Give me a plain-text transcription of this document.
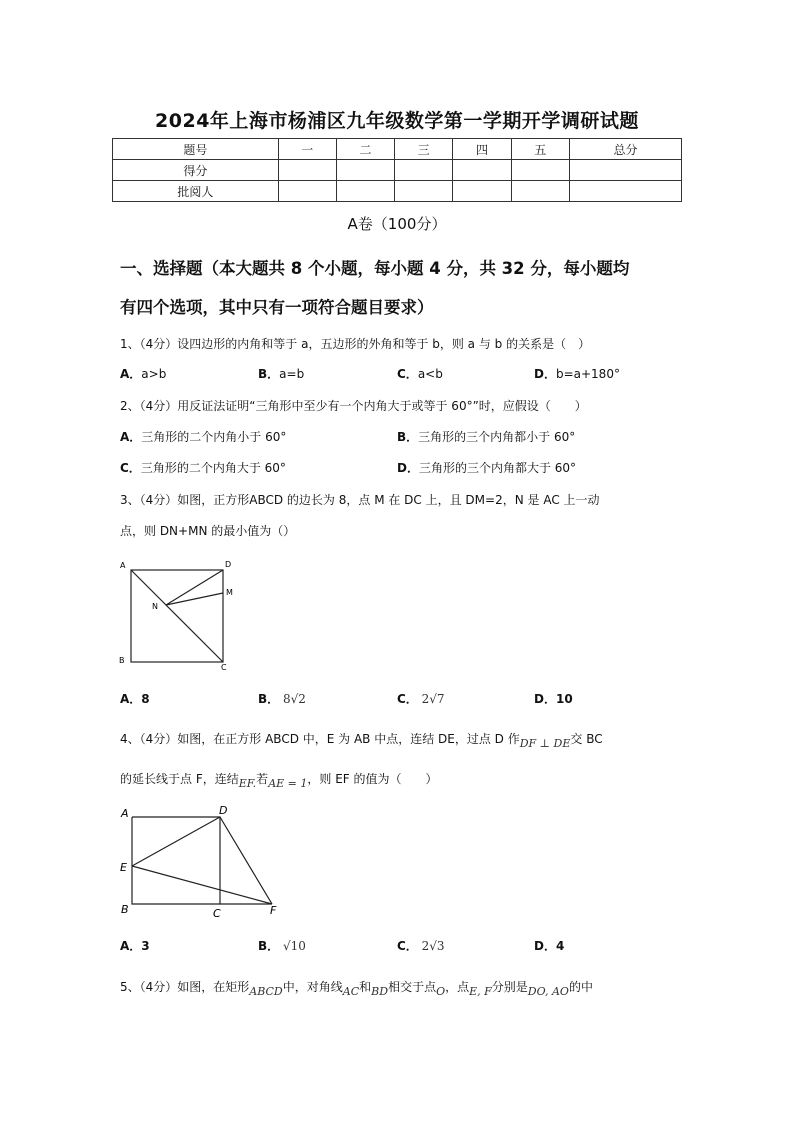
2024年上海市杨浦区九年级数学第一学期开学调研试题
题号	一	二	三	四	五	总分
得分						
批阅人						
A卷（100分）
一、选择题（本大题共 8 个小题，每小题 4 分，共 32 分，每小题均
有四个选项，其中只有一项符合题目要求）
1、（4分）设四边形的内角和等于 a，五边形的外角和等于 b，则 a 与 b 的关系是（　）
A．a>b	B．a=b	C．a<b	D．b=a+180°
2、（4分）用反证法证明“三角形中至少有一个内角大于或等于 60°”时，应假设（　　）
A．三角形的二个内角小于 60°	B．三角形的三个内角都小于 60°
C．三角形的二个内角大于 60°	D．三角形的三个内角都大于 60°
3、（4分）如图，正方形ABCD 的边长为 8，点 M 在 DC 上，且 DM=2，N 是 AC 上一动
点，则 DN+MN 的最小值为（）
A	D
M
N
B
C
A．8	B． 8√2	C． 2√7	D．10
4、（4分）如图，在正方形 ABCD 中，E 为 AB 中点，连结 DE，过点 D 作DF ⊥ DE交 BC
的延长线于点 F，连结EF.若AE = 1，则 EF 的值为（　　）
A	D
E
B	C	F
A．3	B． √10	C． 2√3	D．4
5、（4分）如图，在矩形ABCD中，对角线AC和BD相交于点O，点E, F分别是DO, AO的中
